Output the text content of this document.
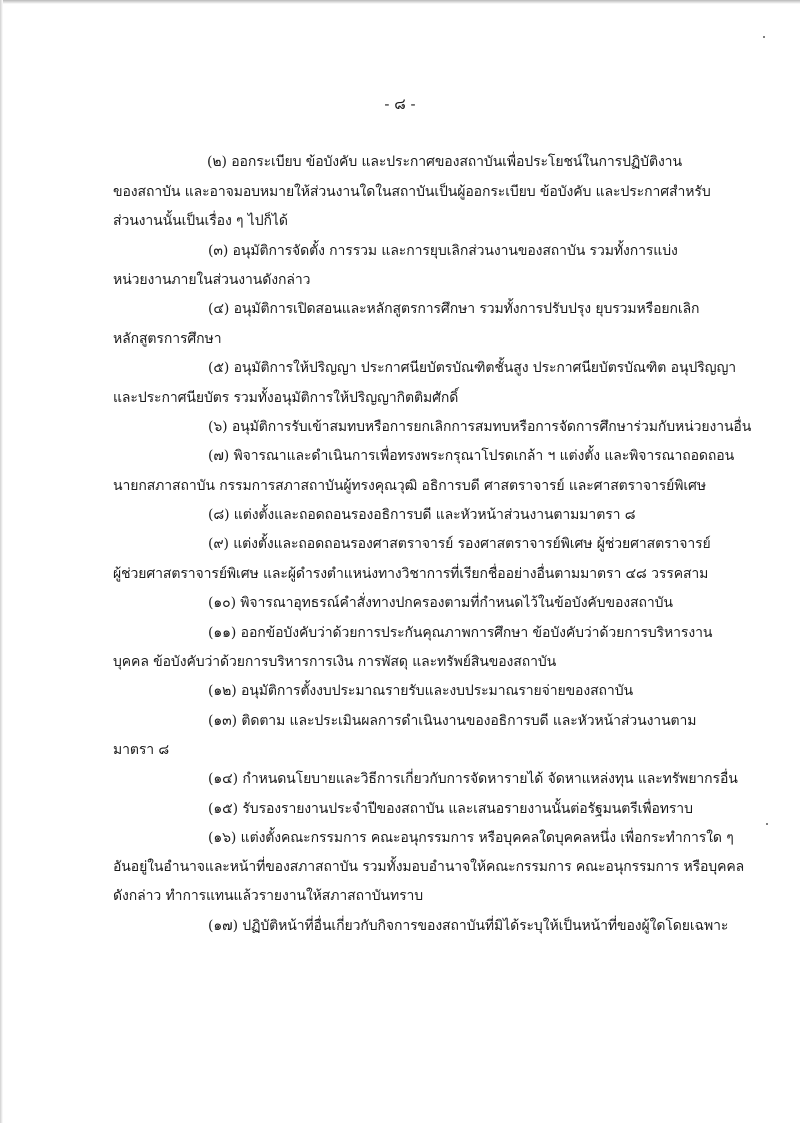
- ๘ -
(๒) ออกระเบียบ ข้อบังคับ และประกาศของสถาบันเพื่อประโยชน์ในการปฏิบัติงาน
ของสถาบัน และอาจมอบหมายให้ส่วนงานใดในสถาบันเป็นผู้ออกระเบียบ ข้อบังคับ และประกาศสำหรับ
ส่วนงานนั้นเป็นเรื่อง ๆ ไปก็ได้
(๓) อนุมัติการจัดตั้ง การรวม และการยุบเลิกส่วนงานของสถาบัน รวมทั้งการแบ่ง
หน่วยงานภายในส่วนงานดังกล่าว
(๔) อนุมัติการเปิดสอนและหลักสูตรการศึกษา รวมทั้งการปรับปรุง ยุบรวมหรือยกเลิก
หลักสูตรการศึกษา
(๕) อนุมัติการให้ปริญญา ประกาศนียบัตรบัณฑิตชั้นสูง ประกาศนียบัตรบัณฑิต อนุปริญญา
และประกาศนียบัตร รวมทั้งอนุมัติการให้ปริญญากิตติมศักดิ์
(๖) อนุมัติการรับเข้าสมทบหรือการยกเลิกการสมทบหรือการจัดการศึกษาร่วมกับหน่วยงานอื่น
(๗) พิจารณาและดำเนินการเพื่อทรงพระกรุณาโปรดเกล้า ฯ แต่งตั้ง และพิจารณาถอดถอน
นายกสภาสถาบัน กรรมการสภาสถาบันผู้ทรงคุณวุฒิ อธิการบดี ศาสตราจารย์ และศาสตราจารย์พิเศษ
(๘) แต่งตั้งและถอดถอนรองอธิการบดี และหัวหน้าส่วนงานตามมาตรา ๘
(๙) แต่งตั้งและถอดถอนรองศาสตราจารย์ รองศาสตราจารย์พิเศษ ผู้ช่วยศาสตราจารย์
ผู้ช่วยศาสตราจารย์พิเศษ และผู้ดำรงตำแหน่งทางวิชาการที่เรียกชื่ออย่างอื่นตามมาตรา ๔๘ วรรคสาม
(๑๐) พิจารณาอุทธรณ์คำสั่งทางปกครองตามที่กำหนดไว้ในข้อบังคับของสถาบัน
(๑๑) ออกข้อบังคับว่าด้วยการประกันคุณภาพการศึกษา ข้อบังคับว่าด้วยการบริหารงาน
บุคคล ข้อบังคับว่าด้วยการบริหารการเงิน การพัสดุ และทรัพย์สินของสถาบัน
(๑๒) อนุมัติการตั้งงบประมาณรายรับและงบประมาณรายจ่ายของสถาบัน
(๑๓) ติดตาม และประเมินผลการดำเนินงานของอธิการบดี และหัวหน้าส่วนงานตาม
มาตรา ๘
(๑๔) กำหนดนโยบายและวิธีการเกี่ยวกับการจัดหารายได้ จัดหาแหล่งทุน และทรัพยากรอื่น
(๑๕) รับรองรายงานประจำปีของสถาบัน และเสนอรายงานนั้นต่อรัฐมนตรีเพื่อทราบ
(๑๖) แต่งตั้งคณะกรรมการ คณะอนุกรรมการ หรือบุคคลใดบุคคลหนึ่ง เพื่อกระทำการใด ๆ
อันอยู่ในอำนาจและหน้าที่ของสภาสถาบัน รวมทั้งมอบอำนาจให้คณะกรรมการ คณะอนุกรรมการ หรือบุคคล
ดังกล่าว ทำการแทนแล้วรายงานให้สภาสถาบันทราบ
(๑๗) ปฏิบัติหน้าที่อื่นเกี่ยวกับกิจการของสถาบันที่มิได้ระบุให้เป็นหน้าที่ของผู้ใดโดยเฉพาะ
